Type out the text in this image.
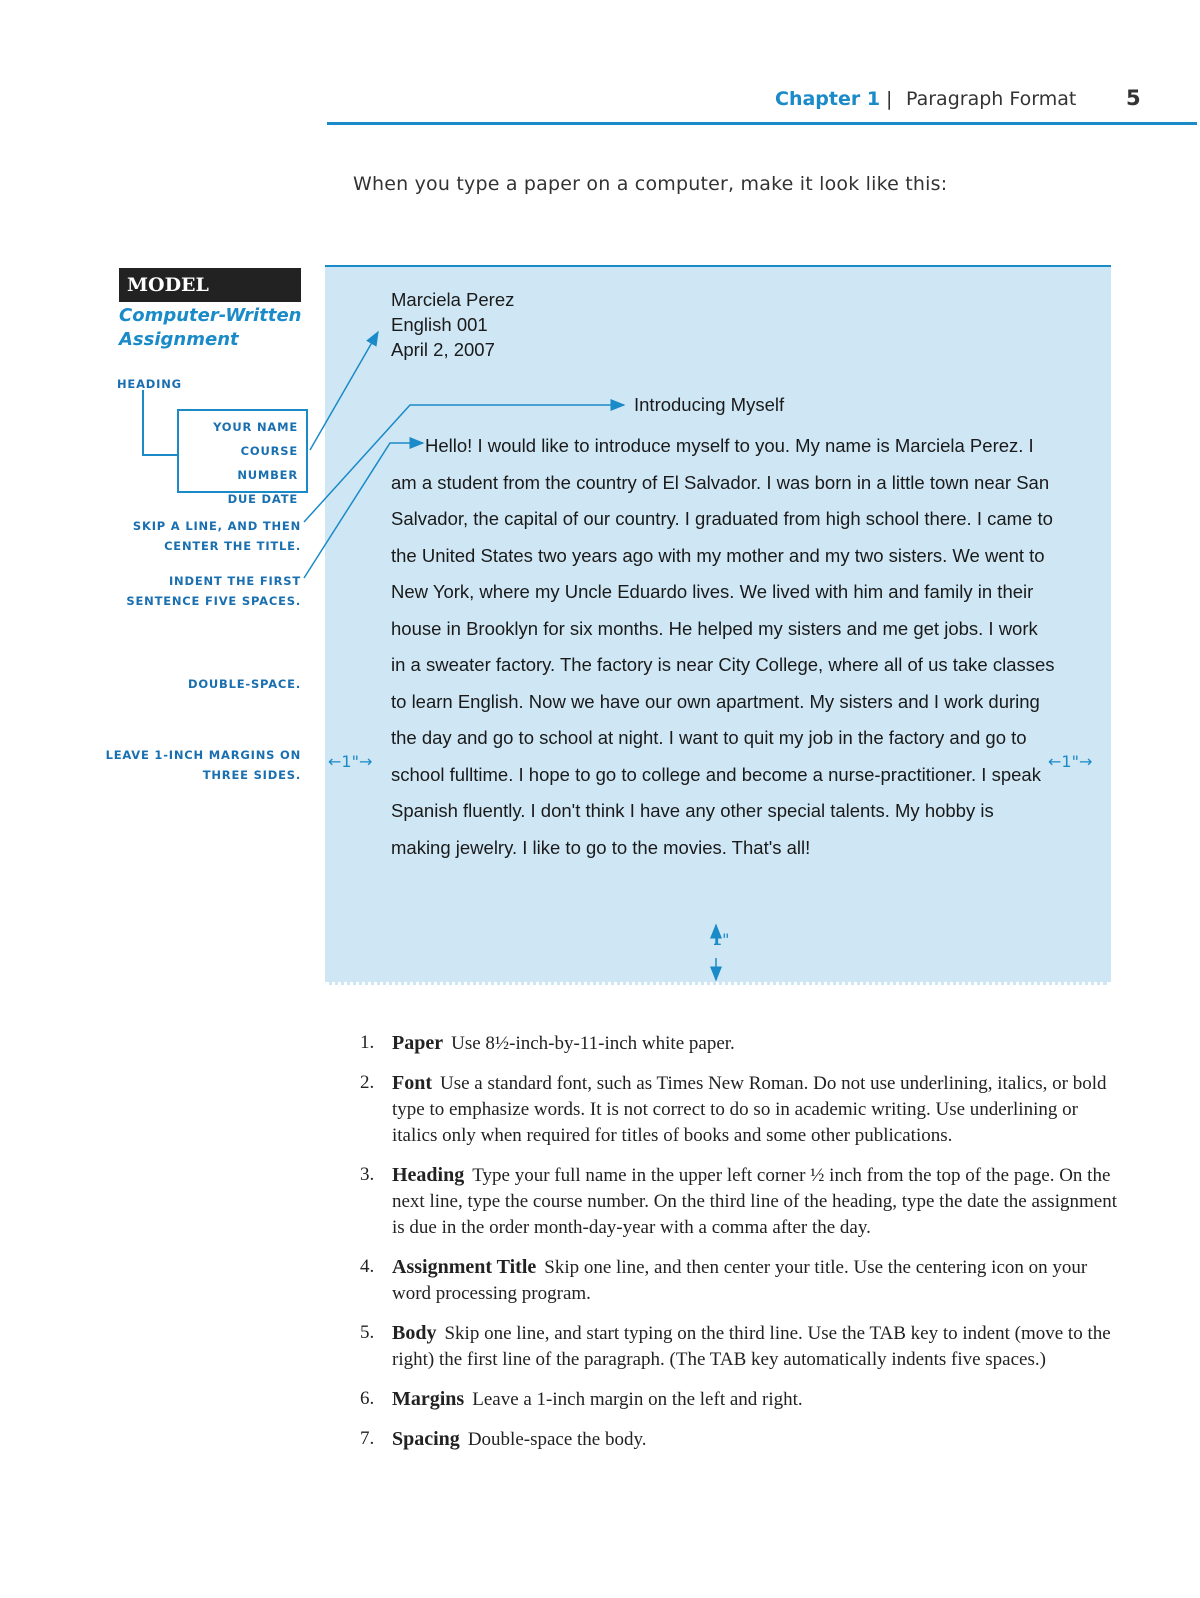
Chapter 1 | Paragraph Format 5
When you type a paper on a computer, make it look like this:
MODEL
Computer-Written
Assignment
HEADING
YOUR NAME
COURSE NUMBER
DUE DATE
SKIP A LINE, AND THEN
CENTER THE TITLE.
INDENT THE FIRST
SENTENCE FIVE SPACES.
DOUBLE-SPACE.
LEAVE 1-INCH MARGINS ON
THREE SIDES.
Marciela Perez
English 001
April 2, 2007
Introducing Myself

Hello! I would like to introduce myself to you. My name is Marciela Perez. I am a student from the country of El Salvador. I was born in a little town near San Salvador, the capital of our country. I graduated from high school there. I came to the United States two years ago with my mother and my two sisters. We went to New York, where my Uncle Eduardo lives. We lived with him and family in their house in Brooklyn for six months. He helped my sisters and me get jobs. I work in a sweater factory. The factory is near City College, where all of us take classes to learn English. Now we have our own apartment. My sisters and I work during the day and go to school at night. I want to quit my job in the factory and go to school fulltime. I hope to go to college and become a nurse-practitioner. I speak Spanish fluently. I don't think I have any other special talents. My hobby is making jewelry. I like to go to the movies. That's all!

←1"→	←1"→
1"
1. Paper Use 8½-inch-by-11-inch white paper.
2. Font Use a standard font, such as Times New Roman. Do not use underlining, italics, or bold type to emphasize words. It is not correct to do so in academic writing. Use underlining or italics only when required for titles of books and some other publications.
3. Heading Type your full name in the upper left corner ½ inch from the top of the page. On the next line, type the course number. On the third line of the heading, type the date the assignment is due in the order month-day-year with a comma after the day.
4. Assignment Title Skip one line, and then center your title. Use the centering icon on your word processing program.
5. Body Skip one line, and start typing on the third line. Use the TAB key to indent (move to the right) the first line of the paragraph. (The TAB key automatically indents five spaces.)
6. Margins Leave a 1-inch margin on the left and right.
7. Spacing Double-space the body.
